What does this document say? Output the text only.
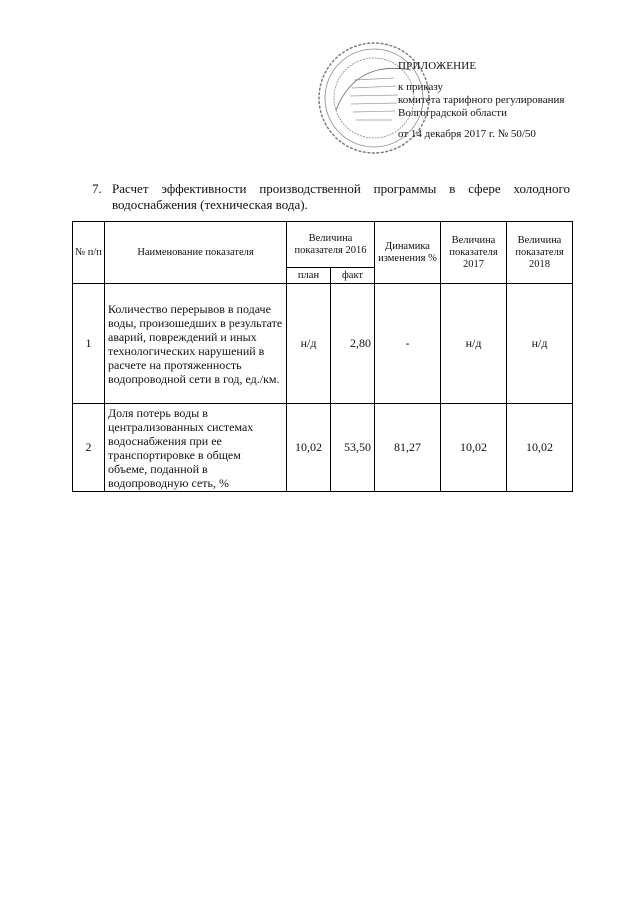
ПРИЛОЖЕНИЕ
к приказу
комитета тарифного регулирования
Волгоградской области
от 14 декабря 2017 г. № 50/50
7. Расчет эффективности производственной программы в сфере холодного
водоснабжения (техническая вода).
№ п/п	Наименование показателя	Величина показателя 2016		Динамика изменения %	Величина показателя 2017	Величина показателя 2018
		план	факт			
1	Количество перерывов в подаче воды, произошедших в результате аварий, повреждений и иных технологических нарушений в расчете на протяженность водопроводной сети в год, ед./км.	н/д	2,80	-	н/д	н/д
2	Доля потерь воды в централизованных системах водоснабжения при ее транспортировке в общем объеме, поданной в водопроводную сеть, %	10,02	53,50	81,27	10,02	10,02
